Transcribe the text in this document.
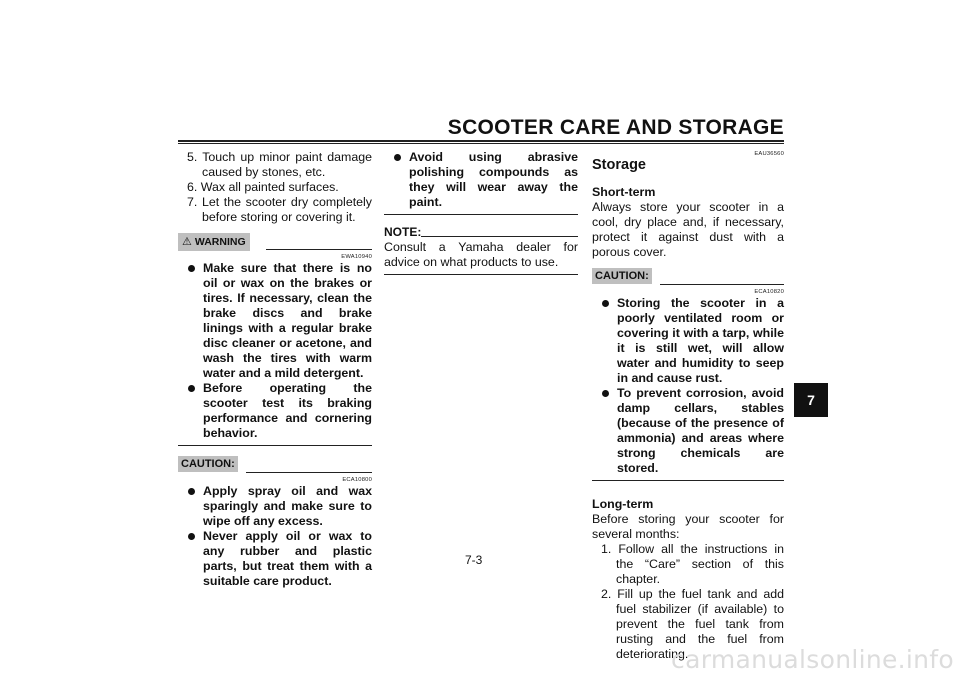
SCOOTER CARE AND STORAGE
5. Touch up minor paint damage caused by stones, etc.
6. Wax all painted surfaces.
7. Let the scooter dry completely before storing or covering it.
⚠ WARNING
EWA10940
Make sure that there is no oil or wax on the brakes or tires. If necessary, clean the brake discs and brake linings with a regular brake disc cleaner or acetone, and wash the tires with warm water and a mild detergent.
Before operating the scooter test its braking performance and cornering behavior.
CAUTION:
ECA10800
Apply spray oil and wax sparingly and make sure to wipe off any excess.
Never apply oil or wax to any rubber and plastic parts, but treat them with a suitable care product.
Avoid using abrasive polishing compounds as they will wear away the paint.
NOTE:

Consult a Yamaha dealer for advice on what products to use.

EAU36560
Storage
Short-term

Always store your scooter in a cool, dry place and, if necessary, protect it against dust with a porous cover.

CAUTION:
ECA10820
Storing the scooter in a poorly ventilated room or covering it with a tarp, while it is still wet, will allow water and humidity to seep in and cause rust.
To prevent corrosion, avoid damp cellars, stables (because of the presence of ammonia) and areas where strong chemicals are stored.
Long-term

Before storing your scooter for several months:

1. Follow all the instructions in the “Care” section of this chapter.
2. Fill up the fuel tank and add fuel stabilizer (if available) to prevent the fuel tank from rusting and the fuel from deteriorating.
7
7-3
carmanualsonline.info
